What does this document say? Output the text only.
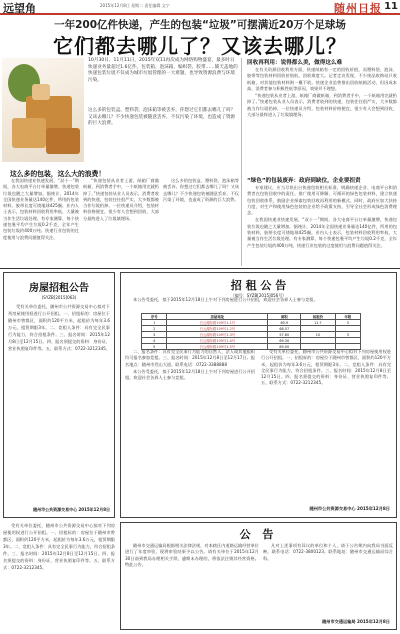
远望角	2015年12月8日 星期二 责任编辑 文宁	随州日报 11
一年200亿件快递，产生的包装“垃圾”可摆满近20万个足球场
它们都去哪儿了？又该去哪儿？
10月30日、11月11日，2015年双11再次成为网络购物盛宴，最多时日快递业务量超过1.6亿件。包装箱、泡沫箱、编织袋、胶带……铺天盖地的快递包装垃圾不仅成为城市垃圾管理的一大难题，也导致资源浪费与环境污染。
这么多的包装盒、塑料袋、泡沫箱等被丢弃，你想过它们都去哪儿了吗？又该去哪儿？不少快递包装被随意丢弃，不仅污染了环境，也造成了资源的巨大浪费。
回收再利用：说得都么美，做得这么难

在有关资源回收利用方面，快递纸箱有一定的回收价值，而塑料袋、泡沫、胶带等包装材料回收价值低，回收难度大。记者走访发现，不少废品收购站只收纸箱，对其他包装材料则一概不收。快递企业虽曾推出回收纸箱活动，但因成本高、消费者参与积极性低等原因，效果并不理想。

“快递包装从业者上游，纸箱厂商做纸箱，到消费者手中，一个纸箱用完就扔掉了。”快递包装从业人员表示，消费者收到的快递，包装往往很严实，大多数都被当作垃圾扔掉。一位快递员介绍，包装材料价格便宜，很少有人会想到回收，大部分最终进入了垃圾填埋场。

这么多的包装，这么大的浪费！

在我国快递业快速发展，“双十一”期间，各大电商平台订单量激增，快递包装垃圾也随之大量增加。据统计，2014年全国快递业务量达140亿件，所用的包装材料，胶带长度可绕地球425圈。业内人士表示，包装材料回收利用率低，大量被当作生活垃圾处理。有专家测算，每个快递包裹平均产生垃圾0.2千克，全年产生包装垃圾约400万吨。快递行业包装的过度使用与浪费问题值得关注。

“快递包装从业者上游，纸箱厂商做纸箱，到消费者手中，一个纸箱用完就扔掉了。”快递包装从业人员表示，消费者收到的快递，包装往往很严实，大多数都被当作垃圾扔掉。一位快递员介绍，包装材料价格便宜，很少有人会想到回收，大部分最终进入了垃圾填埋场。

这么多的包装盒、塑料袋、泡沫箱等被丢弃，你想过它们都去哪儿了吗？又该去哪儿？不少快递包装被随意丢弃，不仅污染了环境，也造成了资源的巨大浪费。

“绿色”的包装废弃：政府到缺位，企业要担责

专家建议，应当尽快出台快递包装相关标准，明确快递企业、电商平台和消费者在包装回收中的责任。推广使用可降解、可循环的绿色包装材料，建立快递包装回收体系，鼓励企业探索包装回收再利用的新模式。同时，政府应加大扶持力度，对生产和使用绿色包装的企业给予政策支持，引导全社会形成绿色消费理念。

在我国快递业快速发展，“双十一”期间，各大电商平台订单量激增，快递包装垃圾也随之大量增加。据统计，2014年全国快递业务量达140亿件，所用的包装材料，胶带长度可绕地球425圈。业内人士表示，包装材料回收利用率低，大量被当作生活垃圾处理。有专家测算，每个快递包裹平均产生垃圾0.2千克，全年产生包装垃圾约400万吨。快递行业包装的过度使用与浪费问题值得关注。

房屋招租公告
(SYZB[2015]063)

受有关单位委托，随州市公共资源交易中心拟对下列房屋使用权进行公开招租。一、招租标的：房屋位于随州市曾都区，面积约120平方米，起租价为每年3.6万元，租赁期限3年。二、竞租人条件：具有完全民事行为能力，符合招租条件。三、报名时间：2015年12月8日至12月15日。四、报名须提交的资料：身份证、营业执照复印件等。五、联系方式：0722-3212345。

随州市公共资源交易中心 2015年12月8日
招 租 公 告
（编号：SYZB[2015]056号）

本公告受委托，拟于2015年12月18日上午对下列房屋进行公开招租，欢迎社会各界人士参与竞租。

序号	房屋地址	面积	起租价	年限
1	白云湖东路109号1-1号	60.9	11.7	3
2	白云湖东路109号1-2号	68.57		
3	白云湖东路109号1-3号	57.60	10	3
4	白云湖东路109号1-4号	69.30		
5	白云湖东路109号1-5号	89.00		

二、报名条件：具有完全民事行为能力的自然人、法人或其他组织均可报名参加竞租。三、报名时间：2015年12月8日至12月17日。报名地点：随州市烈山大道。联系电话：0722-3388888

本公告受委托，拟于2015年12月18日上午对下列房屋进行公开招租，欢迎社会各界人士参与竞租。

受有关单位委托，随州市公共资源交易中心拟对下列房屋使用权进行公开招租。一、招租标的：房屋位于随州市曾都区，面积约120平方米，起租价为每年3.6万元，租赁期限3年。二、竞租人条件：具有完全民事行为能力，符合招租条件。三、报名时间：2015年12月8日至12月15日。四、报名须提交的资料：身份证、营业执照复印件等。五、联系方式：0722-3212345。

随州市公共资源交易中心 2015年12月8日
公 告

随州市交通运输局根据相关法律法规，对本辖区内道路运输经营单位进行了年度审验，现将审验结果予以公告。请有关单位于2015年12月30日前到我局办理相关手续，逾期未办理的，将依法注销其经营资格。特此公告。

凡对上述事项有异议的单位和个人，请于公告期内向我局书面反映。联系电话：0722-3800123。联系地址：随州市交通运输局综合科。

随州市交通运输局 2015年12月8日

受有关单位委托，随州市公共资源交易中心拟对下列房屋使用权进行公开招租。一、招租标的：房屋位于随州市曾都区，面积约120平方米，起租价为每年3.6万元，租赁期限3年。二、竞租人条件：具有完全民事行为能力，符合招租条件。三、报名时间：2015年12月8日至12月15日。四、报名须提交的资料：身份证、营业执照复印件等。五、联系方式：0722-3212345。
